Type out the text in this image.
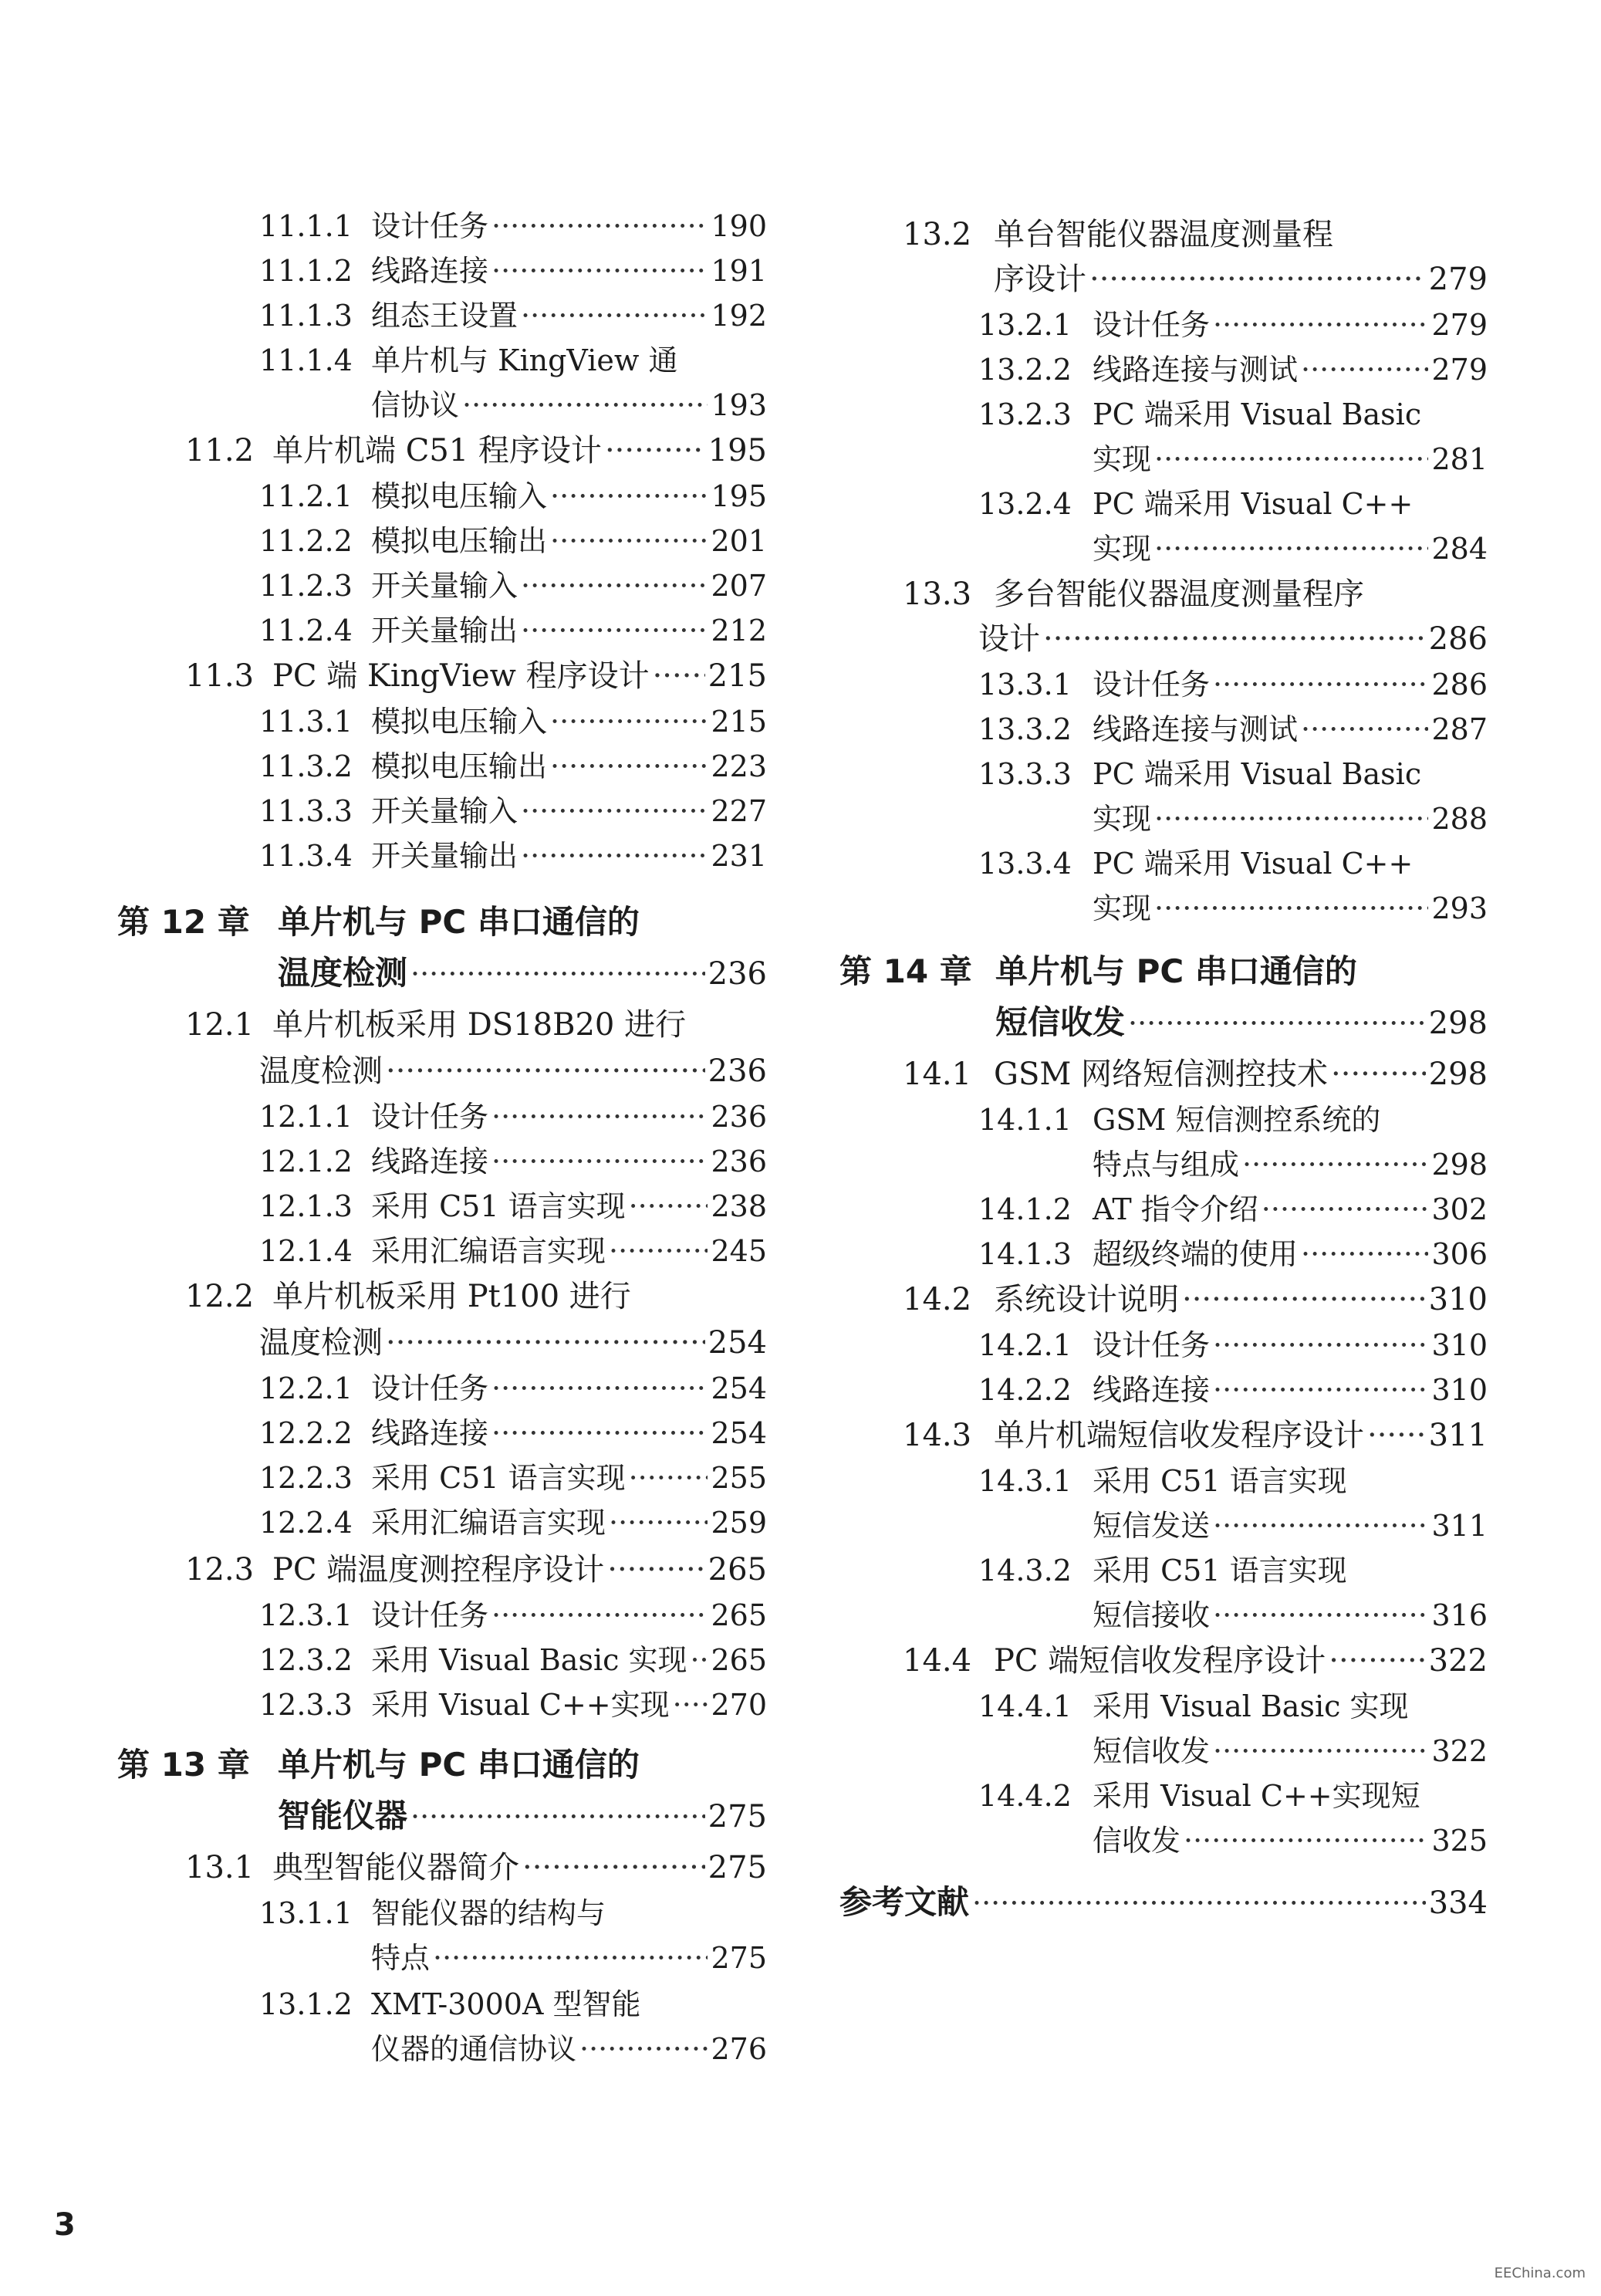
11.1.1 设计任务 ·····	190
11.1.2 线路连接 ·····	191
11.1.3 组态王设置 ·····	192
11.1.4 单片机与 KingView 通
信协议 ·····	193
11.2 单片机端 C51 程序设计 ·····	195
11.2.1 模拟电压输入 ·····	195
11.2.2 模拟电压输出 ·····	201
11.2.3 开关量输入 ·····	207
11.2.4 开关量输出 ·····	212
11.3 PC 端 KingView 程序设计 ····· 215
11.3.1 模拟电压输入 ·····	215
11.3.2 模拟电压输出 ·····	223
11.3.3 开关量输入 ·····	227
11.3.4 开关量输出 ·····	231
第 12 章 单片机与 PC 串口通信的
温度检测 ·····	236
12.1 单片机板采用 DS18B20 进行
温度检测 ·····	236
12.1.1 设计任务 ·····	236
12.1.2 线路连接 ·····	236
12.1.3 采用 C51 语言实现 ·····	238
12.1.4 采用汇编语言实现 ·····	245
12.2 单片机板采用 Pt100 进行
温度检测 ·····	254
12.2.1 设计任务 ·····	254
12.2.2 线路连接 ·····	254
12.2.3 采用 C51 语言实现 ·····	255
12.2.4 采用汇编语言实现 ·····	259
12.3 PC 端温度测控程序设计 ·····	265
12.3.1 设计任务 ·····	265
12.3.2 采用 Visual Basic 实现 ····· 265
12.3.3 采用 Visual C++实现 ····· 270
第 13 章 单片机与 PC 串口通信的
智能仪器 ·····	275
13.1 典型智能仪器简介 ·····	275
13.1.1 智能仪器的结构与
特点 ·····	275
13.1.2 XMT-3000A 型智能
仪器的通信协议 ·····	276
13.2 单台智能仪器温度测量程
序设计 ·····	279
13.2.1 设计任务 ·····	279
13.2.2 线路连接与测试 ·····	279
13.2.3 PC 端采用 Visual Basic
实现 ·····	281
13.2.4 PC 端采用 Visual C++
实现 ·····	284
13.3 多台智能仪器温度测量程序
设计 ·····	286
13.3.1 设计任务 ·····	286
13.3.2 线路连接与测试 ·····	287
13.3.3 PC 端采用 Visual Basic
实现 ·····	288
13.3.4 PC 端采用 Visual C++
实现 ·····	293
第 14 章 单片机与 PC 串口通信的
短信收发 ·····	298
14.1 GSM 网络短信测控技术 ·····	298
14.1.1 GSM 短信测控系统的
特点与组成 ·····	298
14.1.2 AT 指令介绍 ·····	302
14.1.3 超级终端的使用 ·····	306
14.2 系统设计说明 ·····	310
14.2.1 设计任务 ·····	310
14.2.2 线路连接 ·····	310
14.3 单片机端短信收发程序设计 ····· 311
14.3.1 采用 C51 语言实现
短信发送 ·····	311
14.3.2 采用 C51 语言实现
短信接收 ·····	316
14.4 PC 端短信收发程序设计 ·····	322
14.4.1 采用 Visual Basic 实现
短信收发 ·····	322
14.4.2 采用 Visual C++实现短
信收发 ·····	325
参考文献 ·····	334
3
EEChina.com
